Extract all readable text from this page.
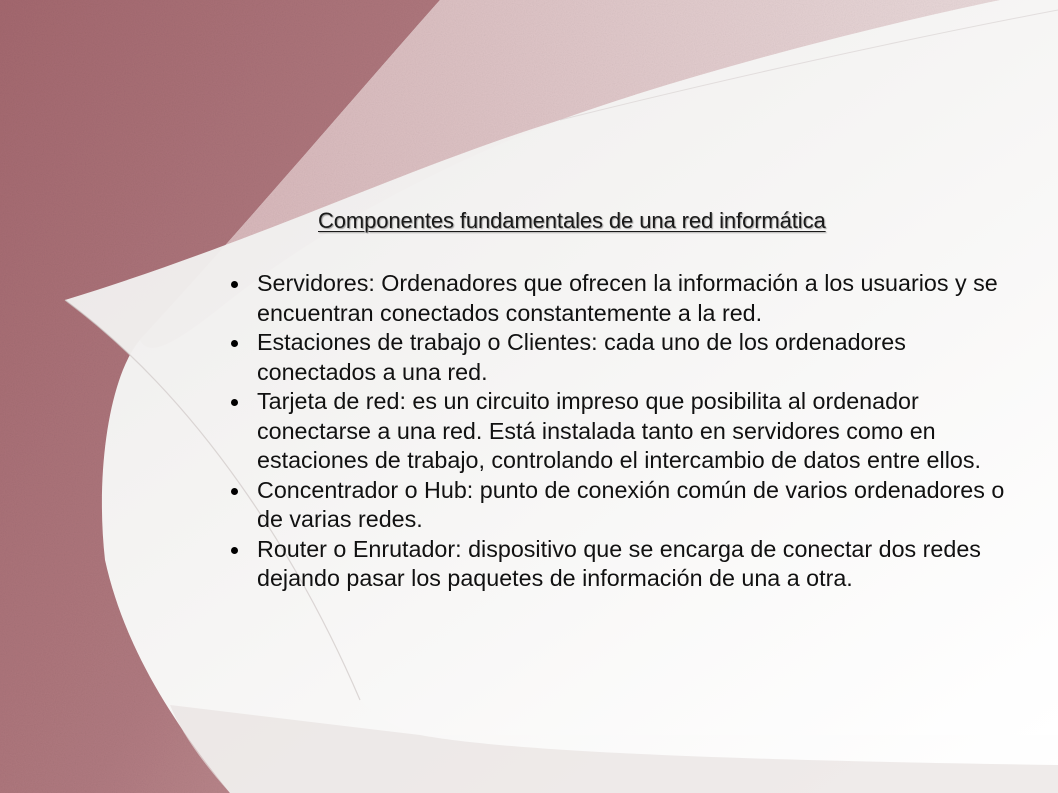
Componentes fundamentales de una red informática
Servidores: Ordenadores que ofrecen la información a los usuarios y se encuentran conectados constantemente a la red.
Estaciones de trabajo o Clientes: cada uno de los ordenadores conectados a una red.
Tarjeta de red: es un circuito impreso que posibilita al ordenador conectarse a una red. Está instalada tanto en servidores como en estaciones de trabajo, controlando el intercambio de datos entre ellos.
Concentrador o Hub: punto de conexión común de varios ordenadores o de varias redes.
Router o Enrutador: dispositivo que se encarga de conectar dos redes dejando pasar los paquetes de información de una a otra.
